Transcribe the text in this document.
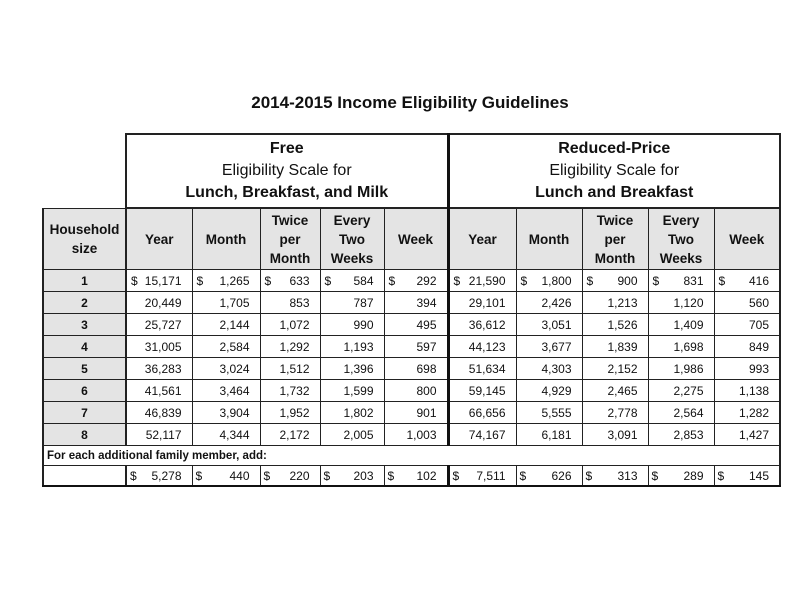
2014-2015 Income Eligibility Guidelines
	Free
Eligibility Scale for
Lunch, Breakfast, and Milk					Reduced-Price
Eligibility Scale for
Lunch and Breakfast				
Household
size	Year	Month	Twice
per
Month	Every
Two
Weeks	Week	Year	Month	Twice
per
Month	Every
Two
Weeks	Week
1	$ 15,171	$ 1,265	$ 633	$ 584	$ 292	$ 21,590	$ 1,800	$ 900	$ 831	$ 416

2	20,449	1,705	853	787	394	29,101	2,426	1,213	1,120	560
3	25,727	2,144	1,072	990	495	36,612	3,051	1,526	1,409	705
4	31,005	2,584	1,292	1,193	597	44,123	3,677	1,839	1,698	849
5	36,283	3,024	1,512	1,396	698	51,634	4,303	2,152	1,986	993
6	41,561	3,464	1,732	1,599	800	59,145	4,929	2,465	2,275	1,138
7	46,839	3,904	1,952	1,802	901	66,656	5,555	2,778	2,564	1,282
8	52,117	4,344	2,172	2,005	1,003	74,167	6,181	3,091	2,853	1,427
For each additional family member, add:										

	$ 5,278	$ 440	$ 220	$ 203	$ 102	$ 7,511	$ 626	$ 313	$ 289	$ 145
